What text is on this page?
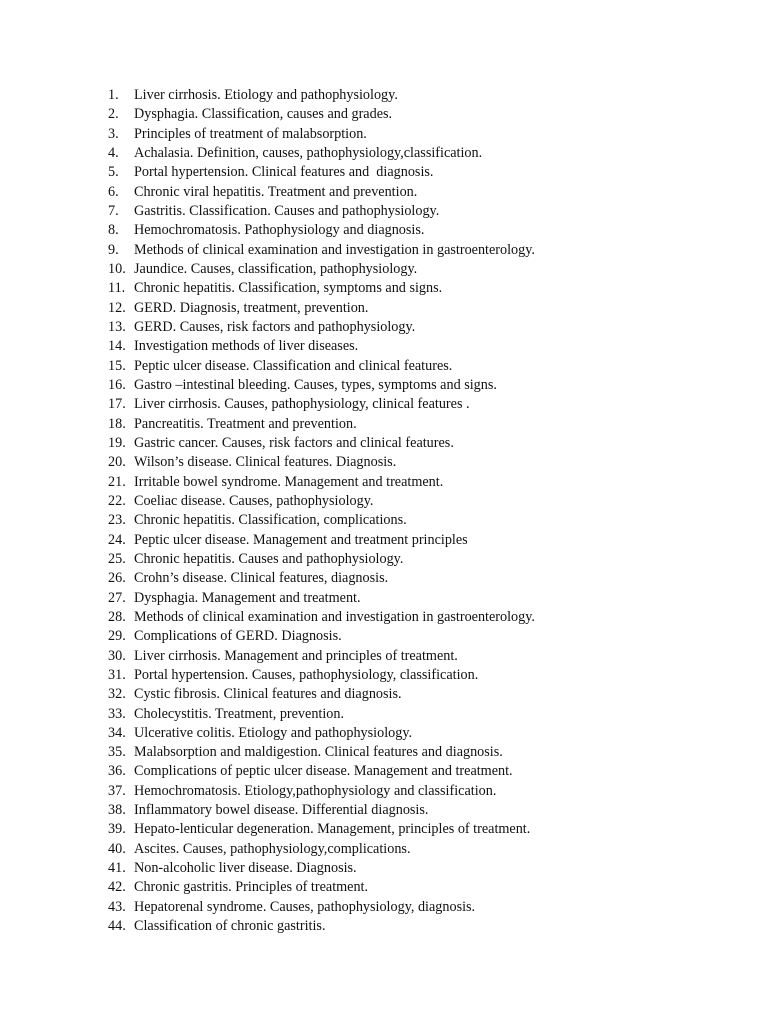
1.	Liver cirrhosis. Etiology and pathophysiology.
2.	Dysphagia. Classification, causes and grades.
3.	Principles of treatment of malabsorption.
4.	Achalasia. Definition, causes, pathophysiology,classification.
5.	Portal hypertension. Clinical features and  diagnosis.
6.	Chronic viral hepatitis. Treatment and prevention.
7.	Gastritis. Classification. Causes and pathophysiology.
8.	Hemochromatosis. Pathophysiology and diagnosis.
9.	Methods of clinical examination and investigation in gastroenterology.
10. Jaundice. Causes, classification, pathophysiology.
11. Chronic hepatitis. Classification, symptoms and signs.
12. GERD. Diagnosis, treatment, prevention.
13. GERD. Causes, risk factors and pathophysiology.
14. Investigation methods of liver diseases.
15. Peptic ulcer disease. Classification and clinical features.
16. Gastro –intestinal bleeding. Causes, types, symptoms and signs.
17. Liver cirrhosis. Causes, pathophysiology, clinical features .
18. Pancreatitis. Treatment and prevention.
19. Gastric cancer. Causes, risk factors and clinical features.
20. Wilson’s disease. Clinical features. Diagnosis.
21. Irritable bowel syndrome. Management and treatment.
22. Coeliac disease. Causes, pathophysiology.
23. Chronic hepatitis. Classification, complications.
24. Peptic ulcer disease. Management and treatment principles
25. Chronic hepatitis. Causes and pathophysiology.
26. Crohn’s disease. Clinical features, diagnosis.
27. Dysphagia. Management and treatment.
28. Methods of clinical examination and investigation in gastroenterology.
29. Complications of GERD. Diagnosis.
30. Liver cirrhosis. Management and principles of treatment.
31. Portal hypertension. Causes, pathophysiology, classification.
32. Cystic fibrosis. Clinical features and diagnosis.
33. Cholecystitis. Treatment, prevention.
34. Ulcerative colitis. Etiology and pathophysiology.
35. Malabsorption and maldigestion. Clinical features and diagnosis.
36. Complications of peptic ulcer disease. Management and treatment.
37. Hemochromatosis. Etiology,pathophysiology and classification.
38. Inflammatory bowel disease. Differential diagnosis.
39. Hepato-lenticular degeneration. Management, principles of treatment.
40. Ascites. Causes, pathophysiology,complications.
41. Non-alcoholic liver disease. Diagnosis.
42. Chronic gastritis. Principles of treatment.
43. Hepatorenal syndrome. Causes, pathophysiology, diagnosis.
44. Classification of chronic gastritis.
